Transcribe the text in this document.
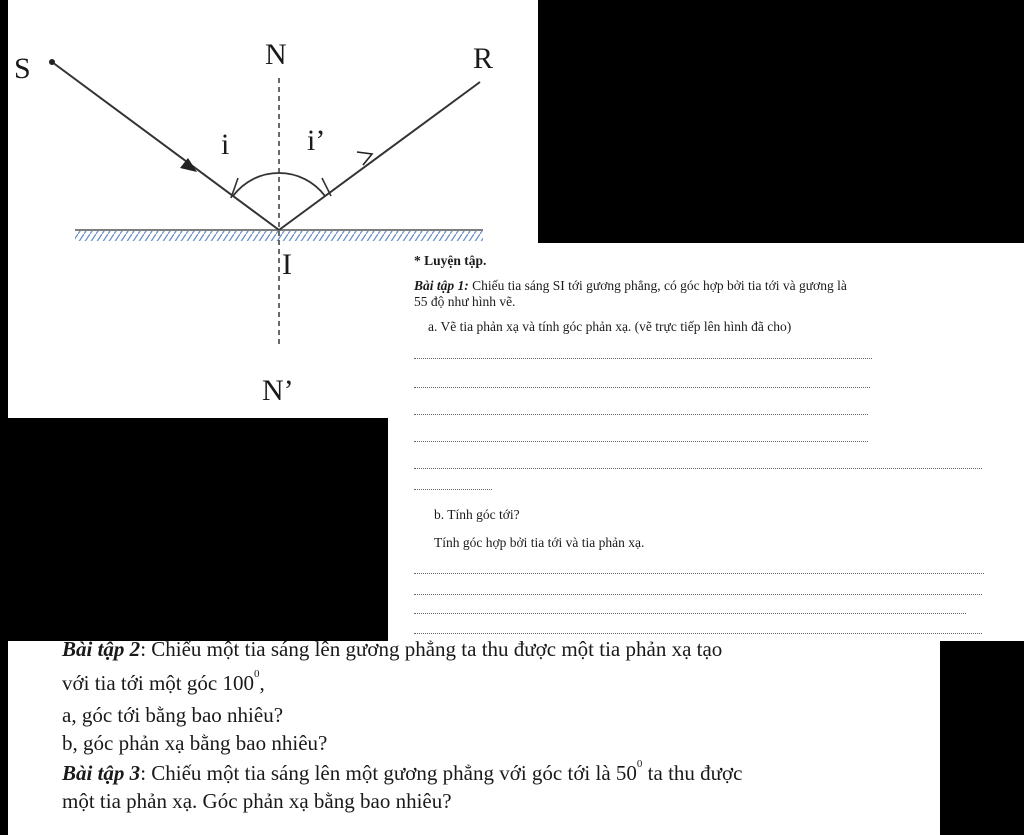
S	N	R
i	i’
I
N’
* Luyện tập.
Bài tập 1: Chiếu tia sáng SI tới gương phẳng, có góc hợp bởi tia tới và gương là
55 độ như hình vẽ.
a. Vẽ tia phản xạ và tính góc phản xạ. (vẽ trực tiếp lên hình đã cho)
b. Tính góc tới?
Tính góc hợp bởi tia tới và tia phản xạ.
Bài tập 2: Chiếu một tia sáng lên gương phẳng ta thu được một tia phản xạ tạo
với tia tới một góc $100^0$,
a, góc tới bằng bao nhiêu?
b, góc phản xạ bằng bao nhiêu?
Bài tập 3: Chiếu một tia sáng lên một gương phẳng với góc tới là $50^0$ ta thu được
một tia phản xạ. Góc phản xạ bằng bao nhiêu?
